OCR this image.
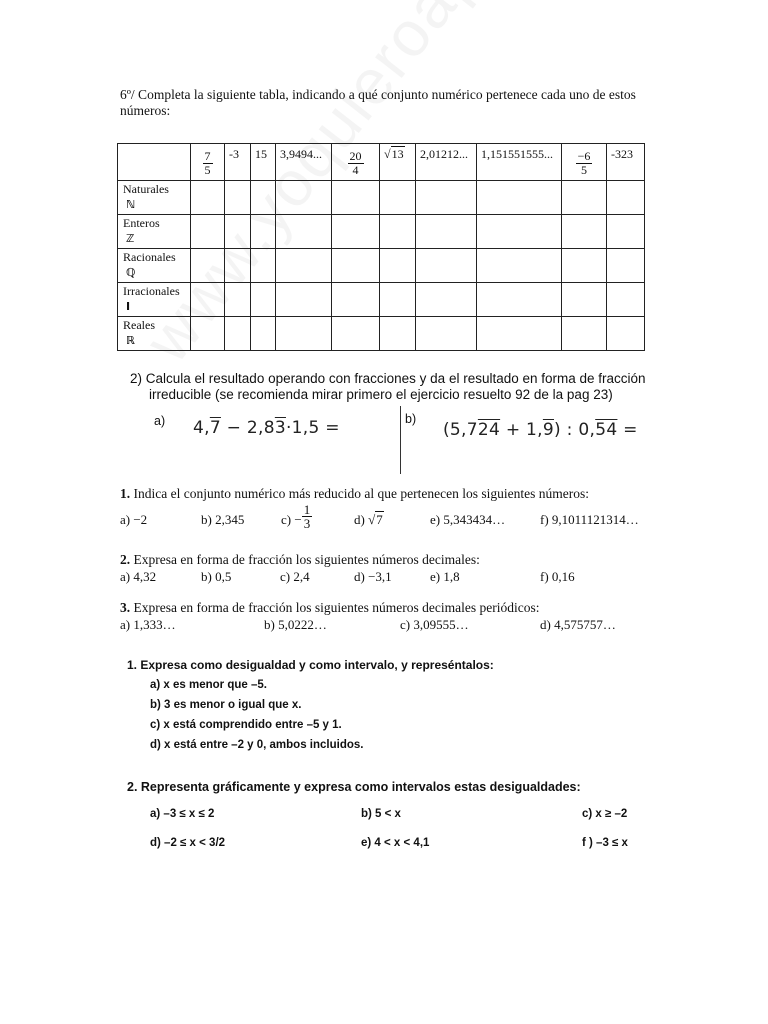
6º/ Completa la siguiente tabla, indicando a qué conjunto numérico pertenece cada uno de estos números:

	$\frac{7}{5}$	-3	15	3,9494...	$\frac{20}{4}$	√13	2,01212...	1,151551555...	$\frac{-6}{5}$	-323

Naturales
ℕ										

Enteros
ℤ										

Racionales
ℚ										

Irracionales
I										

Reales
ℝ										

2) Calcula el resultado operando con fracciones y da el resultado en forma de fracción
irreducible (se recomienda mirar primero el ejercicio resuelto 92 de la pag 23)
a) 4,7 − 2,83·1,5 =	b)
(5,724 + 1,9) : 0,54 =
1. Indica el conjunto numérico más reducido al que pertenecen los siguientes números:
a) −2	b) 2,345	$c) - \frac{1}{3}$	d) √7	e) 5,343434…	f) 9,1011121314…
2. Expresa en forma de fracción los siguientes números decimales:
a) 4,32	b) 0,5	c) 2,4	d) −3,1	e) 1,8	f) 0,16
3. Expresa en forma de fracción los siguientes números decimales periódicos:
a) 1,333…	b) 5,0222…	c) 3,09555…	d) 4,575757…
1. Expresa como desigualdad y como intervalo, y represéntalos:
a) x es menor que –5.
b) 3 es menor o igual que x.
c) x está comprendido entre –5 y 1.
d) x está entre –2 y 0, ambos incluidos.
2. Representa gráficamente y expresa como intervalos estas desigualdades:
a) –3 ≤ x ≤ 2	b) 5 < x	c) x ≥ –2
d) –2 ≤ x < 3/2	e) 4 < x < 4,1	f ) –3 ≤ x
